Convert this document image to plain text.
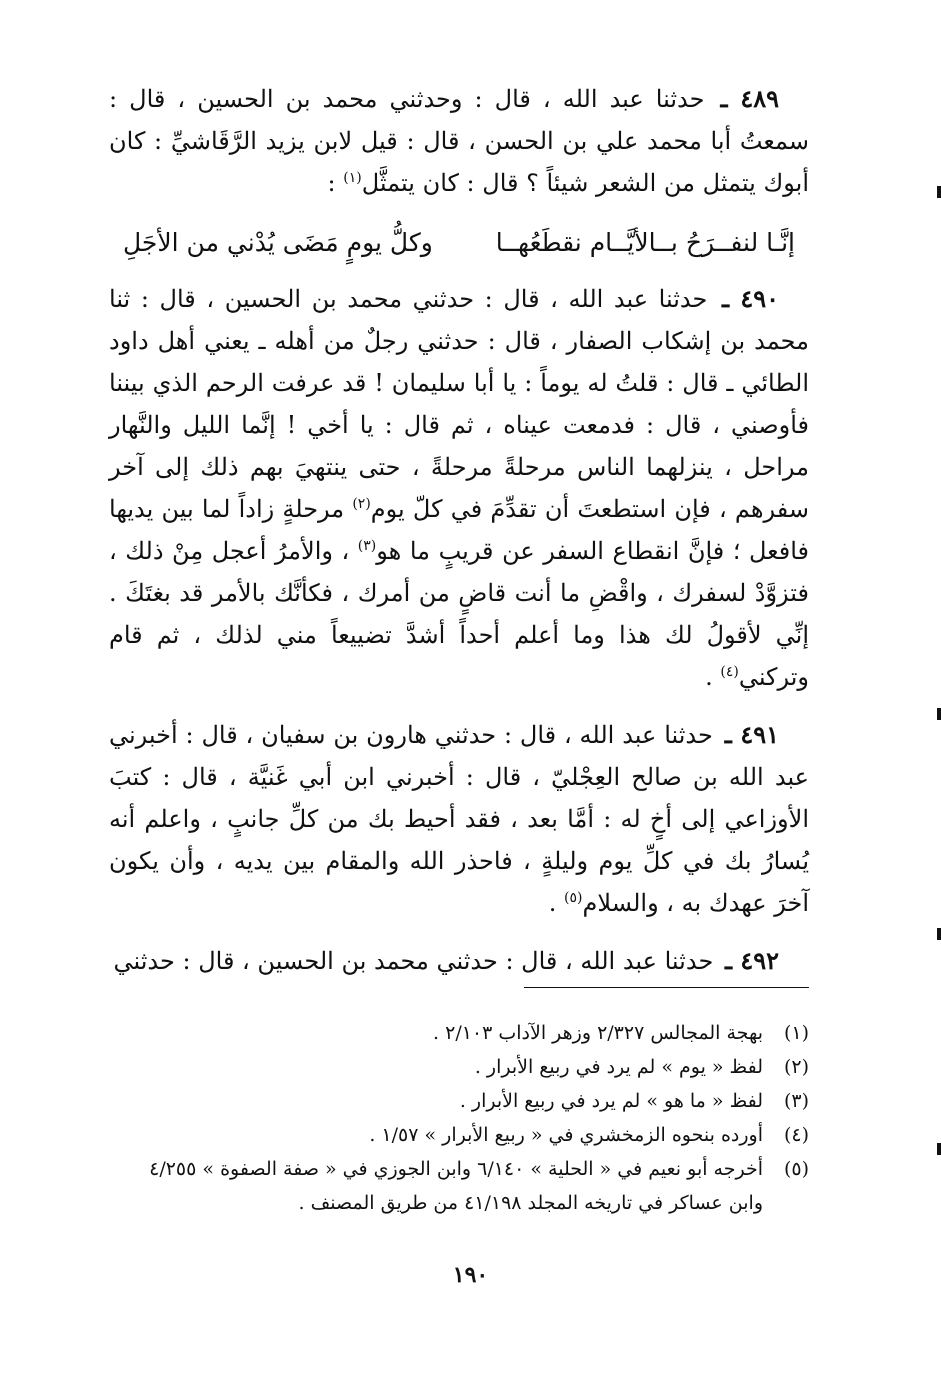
٤٨٩ ـ حدثنا عبد الله ، قال : وحدثني محمد بن الحسين ، قال : سمعتُ أبا محمد علي بن الحسن ، قال : قيل لابن يزيد الرَّقَاشيِّ : كان أبوك يتمثل من الشعر شيئاً ؟ قال : كان يتمثَّل$^{(١)}$ :

إنَّـا لنفــرَحُ بــالأيَّــام نقطَعُهــا
وكلُّ يومٍ مَضَى يُدْني من الأجَلِ

٤٩٠ ـ حدثنا عبد الله ، قال : حدثني محمد بن الحسين ، قال : ثنا محمد بن إشكاب الصفار ، قال : حدثني رجلٌ من أهله ـ يعني أهل داود الطائي ـ قال : قلتُ له يوماً : يا أبا سليمان ! قد عرفت الرحم الذي بيننا فأوصني ، قال : فدمعت عيناه ، ثم قال : يا أخي ! إنَّما الليل والنَّهار مراحل ، ينزلهما الناس مرحلةً مرحلةً ، حتى ينتهيَ بهم ذلك إلى آخر سفرهم ، فإن استطعتَ أن تقدِّمَ في كلّ يوم$^{(٢)}$ مرحلةٍ زاداً لما بين يديها فافعل ؛ فإنَّ انقطاع السفر عن قريبٍ ما هو$^{(٣)}$ ، والأمرُ أعجل مِنْ ذلك ، فتزوَّدْ لسفرك ، واقْضِ ما أنت قاضٍ من أمرك ، فكأنَّك بالأمر قد بغتَكَ . إنِّي لأقولُ لك هذا وما أعلم أحداً أشدَّ تضييعاً مني لذلك ، ثم قام وتركني$^{(٤)}$ .

٤٩١ ـ حدثنا عبد الله ، قال : حدثني هارون بن سفيان ، قال : أخبرني عبد الله بن صالح العِجْليّ ، قال : أخبرني ابن أبي غَنيَّة ، قال : كتبَ الأوزاعي إلى أخٍ له : أمَّا بعد ، فقد أحيط بك من كلِّ جانبٍ ، واعلم أنه يُسارُ بك في كلِّ يوم وليلةٍ ، فاحذر الله والمقام بين يديه ، وأن يكون آخرَ عهدك به ، والسلام$^{(٥)}$ .

٤٩٢ ـ حدثنا عبد الله ، قال : حدثني محمد بن الحسين ، قال : حدثني

(١)
بهجة المجالس ٢/٣٢٧ وزهر الآداب ٢/١٠٣ .
(٢)
لفظ « يوم » لم يرد في ربيع الأبرار .
(٣)
لفظ « ما هو » لم يرد في ربيع الأبرار .
(٤)
أورده بنحوه الزمخشري في « ربيع الأبرار » ١/٥٧ .
(٥)
أخرجه أبو نعيم في « الحلية » ٦/١٤٠ وابن الجوزي في « صفة الصفوة » ٤/٢٥٥ وابن عساكر في تاريخه المجلد ٤١/١٩٨ من طريق المصنف .
١٩٠
